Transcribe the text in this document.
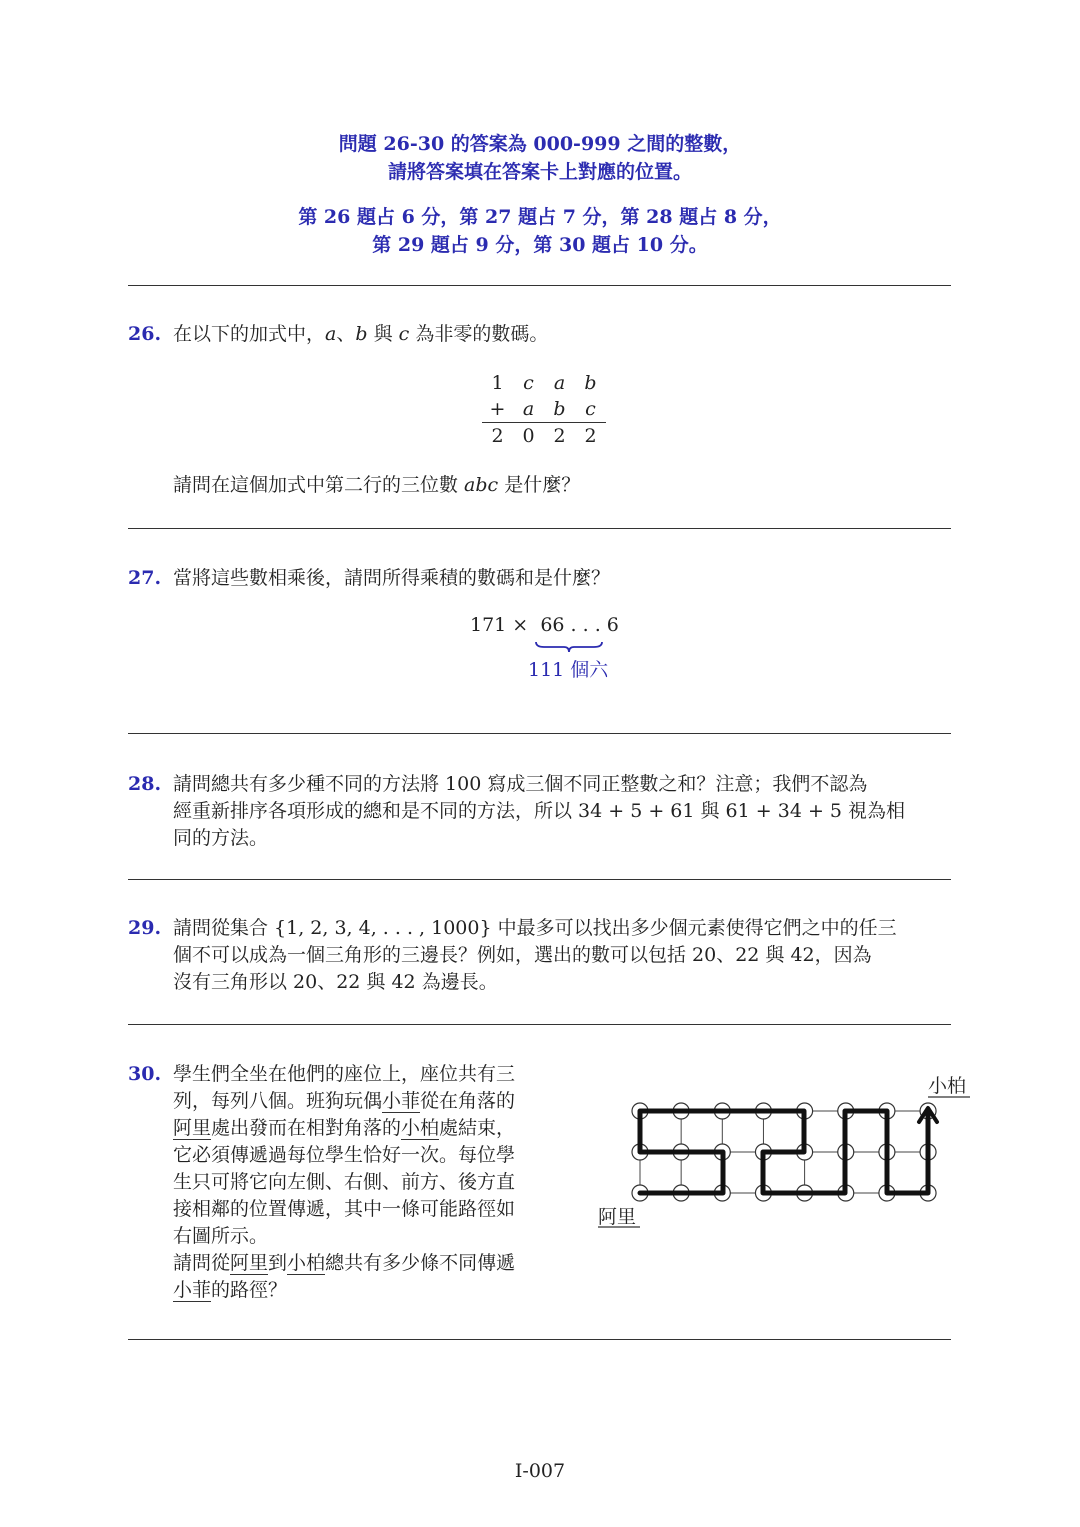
問題 26-30 的答案為 000-999 之間的整數，
請將答案填在答案卡上對應的位置。
第 26 題占 6 分，第 27 題占 7 分，第 28 題占 8 分，
第 29 題占 9 分，第 30 題占 10 分。
26. 在以下的加式中，a、b 與 c 為非零的數碼。
1	c	a	b
+	a	b	c
2	0	2	2
請問在這個加式中第二行的三位數 abc 是什麼？
27. 當將這些數相乘後，請問所得乘積的數碼和是什麼？
171 × 66 . . . 6
111 個六
28. 請問總共有多少種不同的方法將 100 寫成三個不同正整數之和？注意；我們不認為
經重新排序各項形成的總和是不同的方法，所以 34 + 5 + 61 與 61 + 34 + 5 視為相
同的方法。
29. 請問從集合 {1, 2, 3, 4, . . . , 1000} 中最多可以找出多少個元素使得它們之中的任三
個不可以成為一個三角形的三邊長？例如，選出的數可以包括 20、22 與 42，因為
沒有三角形以 20、22 與 42 為邊長。
30. 學生們全坐在他們的座位上，座位共有三
列，每列八個。班狗玩偶小菲從在角落的
阿里處出發而在相對角落的小柏處結束，
它必須傳遞過每位學生恰好一次。每位學
生只可將它向左側、右側、前方、後方直
接相鄰的位置傳遞，其中一條可能路徑如
右圖所示。
請問從阿里到小柏總共有多少條不同傳遞
小菲的路徑？
阿里
小柏
I-007
